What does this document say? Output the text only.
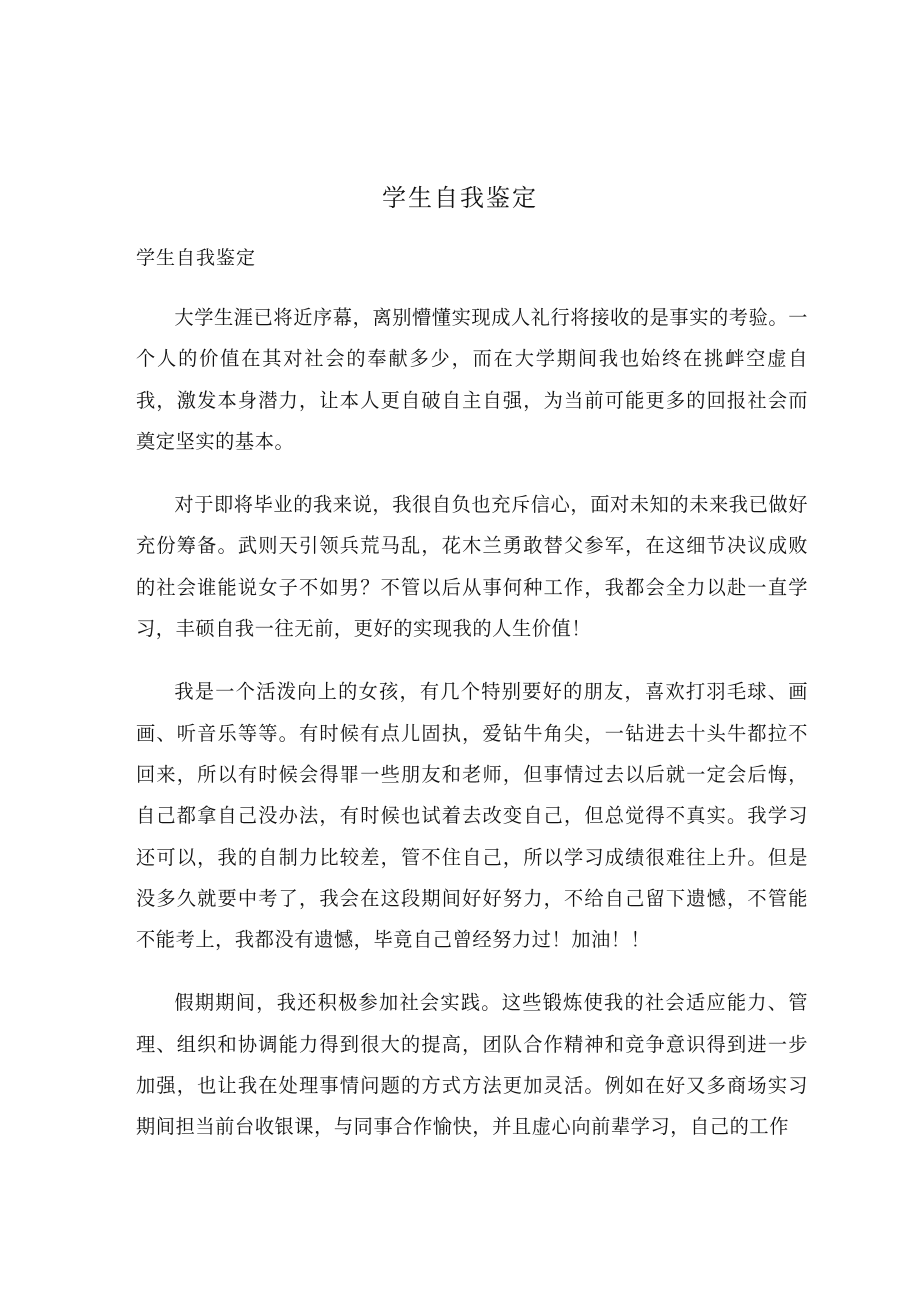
学生自我鉴定

学生自我鉴定

大学生涯已将近序幕，离别懵懂实现成人礼行将接收的是事实的考验。一个人的价值在其对社会的奉献多少，而在大学期间我也始终在挑衅空虚自我，激发本身潜力，让本人更自破自主自强，为当前可能更多的回报社会而奠定坚实的基本。

对于即将毕业的我来说，我很自负也充斥信心，面对未知的未来我已做好充份筹备。武则天引领兵荒马乱，花木兰勇敢替父参军，在这细节决议成败的社会谁能说女子不如男？不管以后从事何种工作，我都会全力以赴一直学习，丰硕自我一往无前，更好的实现我的人生价值！

我是一个活泼向上的女孩，有几个特别要好的朋友，喜欢打羽毛球、画画、听音乐等等。有时候有点儿固执，爱钻牛角尖，一钻进去十头牛都拉不回来，所以有时候会得罪一些朋友和老师，但事情过去以后就一定会后悔，自己都拿自己没办法，有时候也试着去改变自己，但总觉得不真实。我学习还可以，我的自制力比较差，管不住自己，所以学习成绩很难往上升。但是没多久就要中考了，我会在这段期间好好努力，不给自己留下遗憾，不管能不能考上，我都没有遗憾，毕竟自己曾经努力过！加油！！

假期期间，我还积极参加社会实践。这些锻炼使我的社会适应能力、管理、组织和协调能力得到很大的提高，团队合作精神和竞争意识得到进一步加强，也让我在处理事情问题的方式方法更加灵活。例如在好又多商场实习期间担当前台收银课，与同事合作愉快，并且虚心向前辈学习，自己的工作
